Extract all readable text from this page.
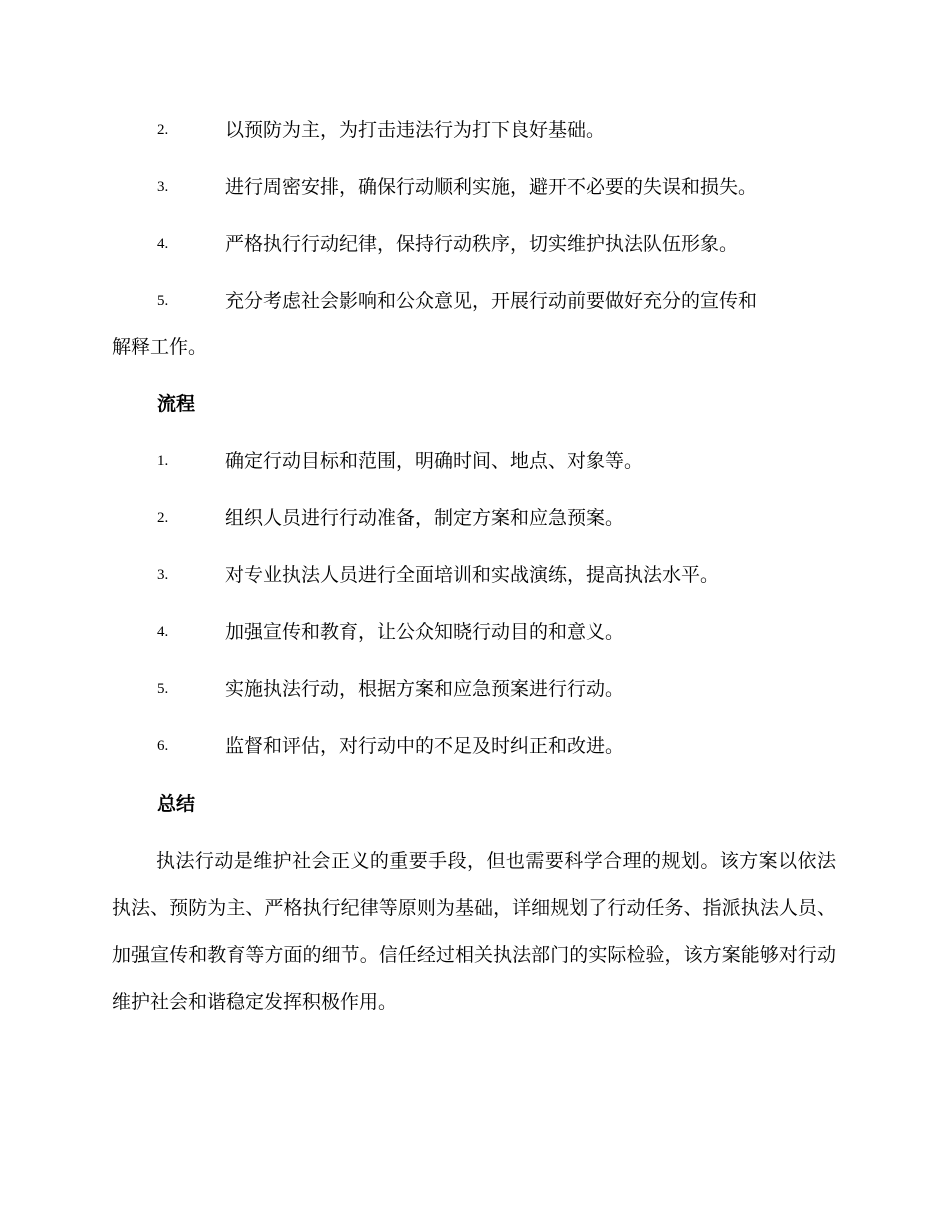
2.	以预防为主，为打击违法行为打下良好基础。
3.	进行周密安排，确保行动顺利实施，避开不必要的失误和损失。
4.	严格执行行动纪律，保持行动秩序，切实维护执法队伍形象。
5.	充分考虑社会影响和公众意见，开展行动前要做好充分的宣传和
解释工作。
流程
1.	确定行动目标和范围，明确时间、地点、对象等。
2.	组织人员进行行动准备，制定方案和应急预案。
3.	对专业执法人员进行全面培训和实战演练，提高执法水平。
4.	加强宣传和教育，让公众知晓行动目的和意义。
5.	实施执法行动，根据方案和应急预案进行行动。
6.	监督和评估，对行动中的不足及时纠正和改进。
总结
执法行动是维护社会正义的重要手段，但也需要科学合理的规划。该方案以依法执法、预防为主、严格执行纪律等原则为基础，详细规划了行动任务、指派执法人员、加强宣传和教育等方面的细节。信任经过相关执法部门的实际检验，该方案能够对行动维护社会和谐稳定发挥积极作用。
